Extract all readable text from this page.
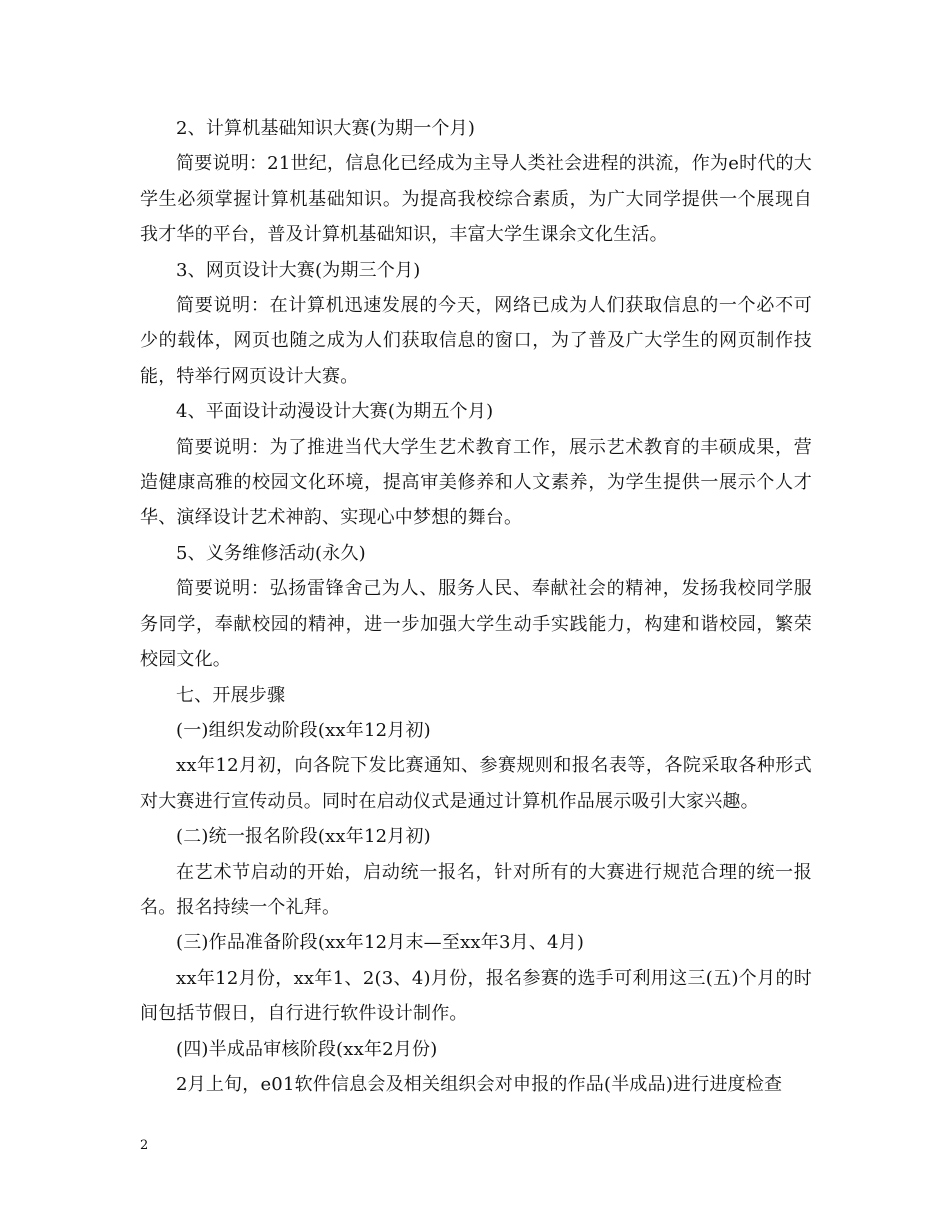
2、计算机基础知识大赛(为期一个月)

简要说明：21世纪，信息化已经成为主导人类社会进程的洪流，作为e时代的大学生必须掌握计算机基础知识。为提高我校综合素质，为广大同学提供一个展现自我才华的平台，普及计算机基础知识，丰富大学生课余文化生活。

3、网页设计大赛(为期三个月)

简要说明：在计算机迅速发展的今天，网络已成为人们获取信息的一个必不可少的载体，网页也随之成为人们获取信息的窗口，为了普及广大学生的网页制作技能，特举行网页设计大赛。

4、平面设计动漫设计大赛(为期五个月)

简要说明：为了推进当代大学生艺术教育工作，展示艺术教育的丰硕成果，营造健康高雅的校园文化环境，提高审美修养和人文素养，为学生提供一展示个人才华、演绎设计艺术神韵、实现心中梦想的舞台。

5、义务维修活动(永久)

简要说明：弘扬雷锋舍己为人、服务人民、奉献社会的精神，发扬我校同学服务同学，奉献校园的精神，进一步加强大学生动手实践能力，构建和谐校园，繁荣校园文化。

七、开展步骤

(一)组织发动阶段(xx年12月初)

xx年12月初，向各院下发比赛通知、参赛规则和报名表等，各院采取各种形式对大赛进行宣传动员。同时在启动仪式是通过计算机作品展示吸引大家兴趣。

(二)统一报名阶段(xx年12月初)

在艺术节启动的开始，启动统一报名，针对所有的大赛进行规范合理的统一报名。报名持续一个礼拜。

(三)作品准备阶段(xx年12月末—至xx年3月、4月)

xx年12月份，xx年1、2(3、4)月份，报名参赛的选手可利用这三(五)个月的时间包括节假日，自行进行软件设计制作。

(四)半成品审核阶段(xx年2月份)

2月上旬，e01软件信息会及相关组织会对申报的作品(半成品)进行进度检查

2
